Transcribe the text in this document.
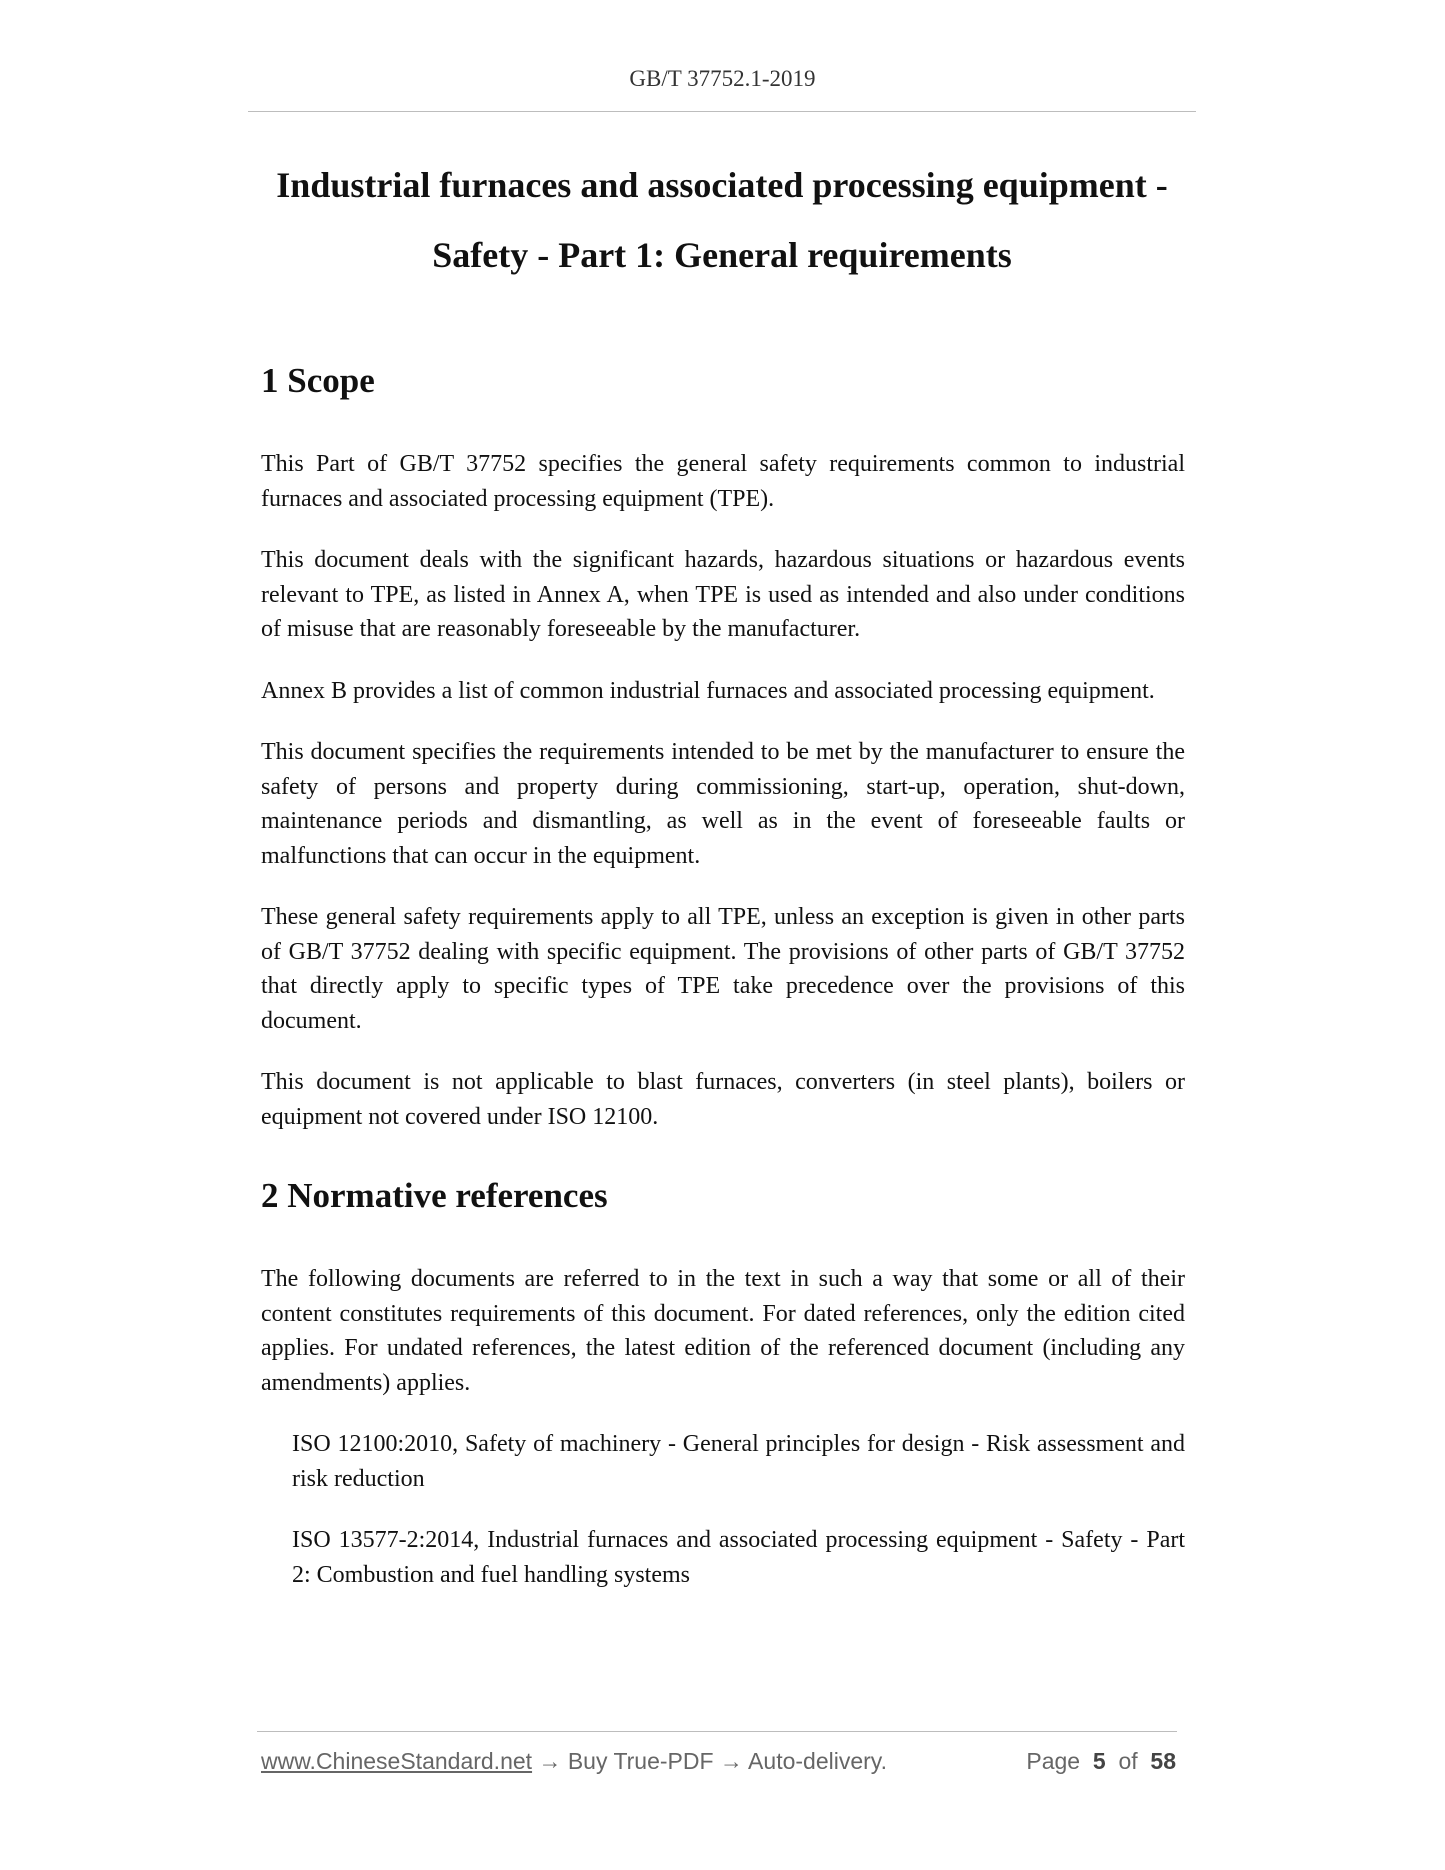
GB/T 37752.1-2019
Industrial furnaces and associated processing equipment -
Safety - Part 1: General requirements
1 Scope

This Part of GB/T 37752 specifies the general safety requirements common to industrial furnaces and associated processing equipment (TPE).

This document deals with the significant hazards, hazardous situations or hazardous events relevant to TPE, as listed in Annex A, when TPE is used as intended and also under conditions of misuse that are reasonably foreseeable by the manufacturer.

Annex B provides a list of common industrial furnaces and associated processing equipment.

This document specifies the requirements intended to be met by the manufacturer to ensure the safety of persons and property during commissioning, start-up, operation, shut-down, maintenance periods and dismantling, as well as in the event of foreseeable faults or malfunctions that can occur in the equipment.

These general safety requirements apply to all TPE, unless an exception is given in other parts of GB/T 37752 dealing with specific equipment. The provisions of other parts of GB/T 37752 that directly apply to specific types of TPE take precedence over the provisions of this document.

This document is not applicable to blast furnaces, converters (in steel plants), boilers or equipment not covered under ISO 12100.

2 Normative references

The following documents are referred to in the text in such a way that some or all of their content constitutes requirements of this document. For dated references, only the edition cited applies. For undated references, the latest edition of the referenced document (including any amendments) applies.

ISO 12100:2010, Safety of machinery - General principles for design - Risk assessment and risk reduction

ISO 13577-2:2014, Industrial furnaces and associated processing equipment - Safety - Part 2: Combustion and fuel handling systems

www.ChineseStandard.net → Buy True-PDF → Auto-delivery.	Page 5 of 58
